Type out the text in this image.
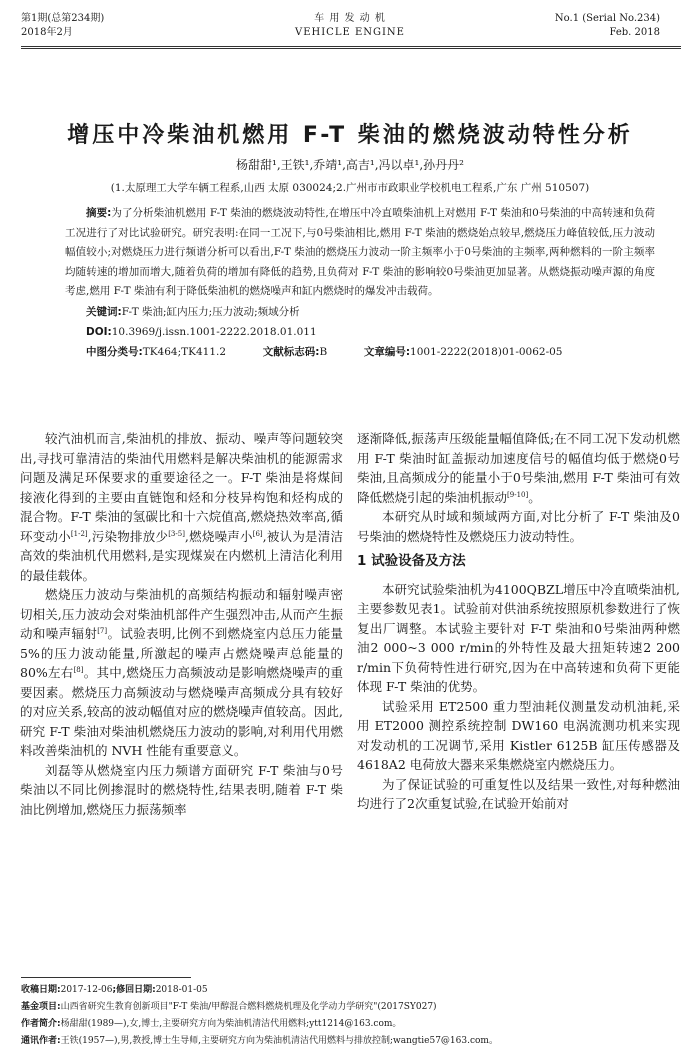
第1期(总第234期)
2018年2月
车 用 发 动 机
VEHICLE ENGINE
No.1 (Serial No.234)
Feb. 2018
增压中冷柴油机燃用 F-T 柴油的燃烧波动特性分析
杨甜甜¹,王铁¹,乔靖¹,高吉¹,冯以卓¹,孙丹丹²
(1.太原理工大学车辆工程系,山西 太原 030024;2.广州市市政职业学校机电工程系,广东 广州 510507)
摘要:为了分析柴油机燃用 F-T 柴油的燃烧波动特性,在增压中冷直喷柴油机上对燃用 F-T 柴油和0号柴油的中高转速和负荷工况进行了对比试验研究。研究表明:在同一工况下,与0号柴油相比,燃用 F-T 柴油的燃烧始点较早,燃烧压力峰值较低,压力波动幅值较小;对燃烧压力进行频谱分析可以看出,F-T 柴油的燃烧压力波动一阶主频率小于0号柴油的主频率,两种燃料的一阶主频率均随转速的增加而增大,随着负荷的增加有降低的趋势,且负荷对 F-T 柴油的影响较0号柴油更加显著。从燃烧振动噪声源的角度考虑,燃用 F-T 柴油有利于降低柴油机的燃烧噪声和缸内燃烧时的爆发冲击载荷。
关键词:F-T 柴油;缸内压力;压力波动;频域分析
DOI:10.3969/j.issn.1001-2222.2018.01.011
中图分类号:TK464;TK411.2	文献标志码:B	文章编号:1001-2222(2018)01-0062-05

较汽油机而言,柴油机的排放、振动、噪声等问题较突出,寻找可靠清洁的柴油代用燃料是解决柴油机的能源需求问题及满足环保要求的重要途径之一。F-T 柴油是将煤间接液化得到的主要由直链饱和烃和分枝异构饱和烃构成的混合物。F-T 柴油的氢碳比和十六烷值高,燃烧热效率高,循环变动小[1-2],污染物排放少[3-5],燃烧噪声小[6],被认为是清洁高效的柴油机代用燃料,是实现煤炭在内燃机上清洁化利用的最佳载体。

燃烧压力波动与柴油机的高频结构振动和辐射噪声密切相关,压力波动会对柴油机部件产生强烈冲击,从而产生振动和噪声辐射[7]。试验表明,比例不到燃烧室内总压力能量5%的压力波动能量,所激起的噪声占燃烧噪声总能量的80%左右[8]。其中,燃烧压力高频波动是影响燃烧噪声的重要因素。燃烧压力高频波动与燃烧噪声高频成分具有较好的对应关系,较高的波动幅值对应的燃烧噪声值较高。因此,研究 F-T 柴油对柴油机燃烧压力波动的影响,对利用代用燃料改善柴油机的 NVH 性能有重要意义。

刘磊等从燃烧室内压力频谱方面研究 F-T 柴油与0号柴油以不同比例掺混时的燃烧特性,结果表明,随着 F-T 柴油比例增加,燃烧压力振荡频率

逐渐降低,振荡声压级能量幅值降低;在不同工况下发动机燃用 F-T 柴油时缸盖振动加速度信号的幅值均低于燃烧0号柴油,且高频成分的能量小于0号柴油,燃用 F-T 柴油可有效降低燃烧引起的柴油机振动[9-10]。

本研究从时域和频域两方面,对比分析了 F-T 柴油及0号柴油的燃烧特性及燃烧压力波动特性。

1 试验设备及方法

本研究试验柴油机为4100QBZL增压中冷直喷柴油机,主要参数见表1。试验前对供油系统按照原机参数进行了恢复出厂调整。本试验主要针对 F-T 柴油和0号柴油两种燃油2 000~3 000 r/min的外特性及最大扭矩转速2 200 r/min下负荷特性进行研究,因为在中高转速和负荷下更能体现 F-T 柴油的优势。

试验采用 ET2500 重力型油耗仪测量发动机油耗,采用 ET2000 测控系统控制 DW160 电涡流测功机来实现对发动机的工况调节,采用 Kistler 6125B 缸压传感器及 4618A2 电荷放大器来采集燃烧室内燃烧压力。

为了保证试验的可重复性以及结果一致性,对每种燃油均进行了2次重复试验,在试验开始前对

收稿日期:2017-12-06;修回日期:2018-01-05
基金项目:山西省研究生教育创新项目"F-T 柴油/甲醇混合燃料燃烧机理及化学动力学研究"(2017SY027)
作者简介:杨甜甜(1989—),女,博士,主要研究方向为柴油机清洁代用燃料;ytt1214@163.com。
通讯作者:王铁(1957—),男,教授,博士生导师,主要研究方向为柴油机清洁代用燃料与排放控制;wangtie57@163.com。
